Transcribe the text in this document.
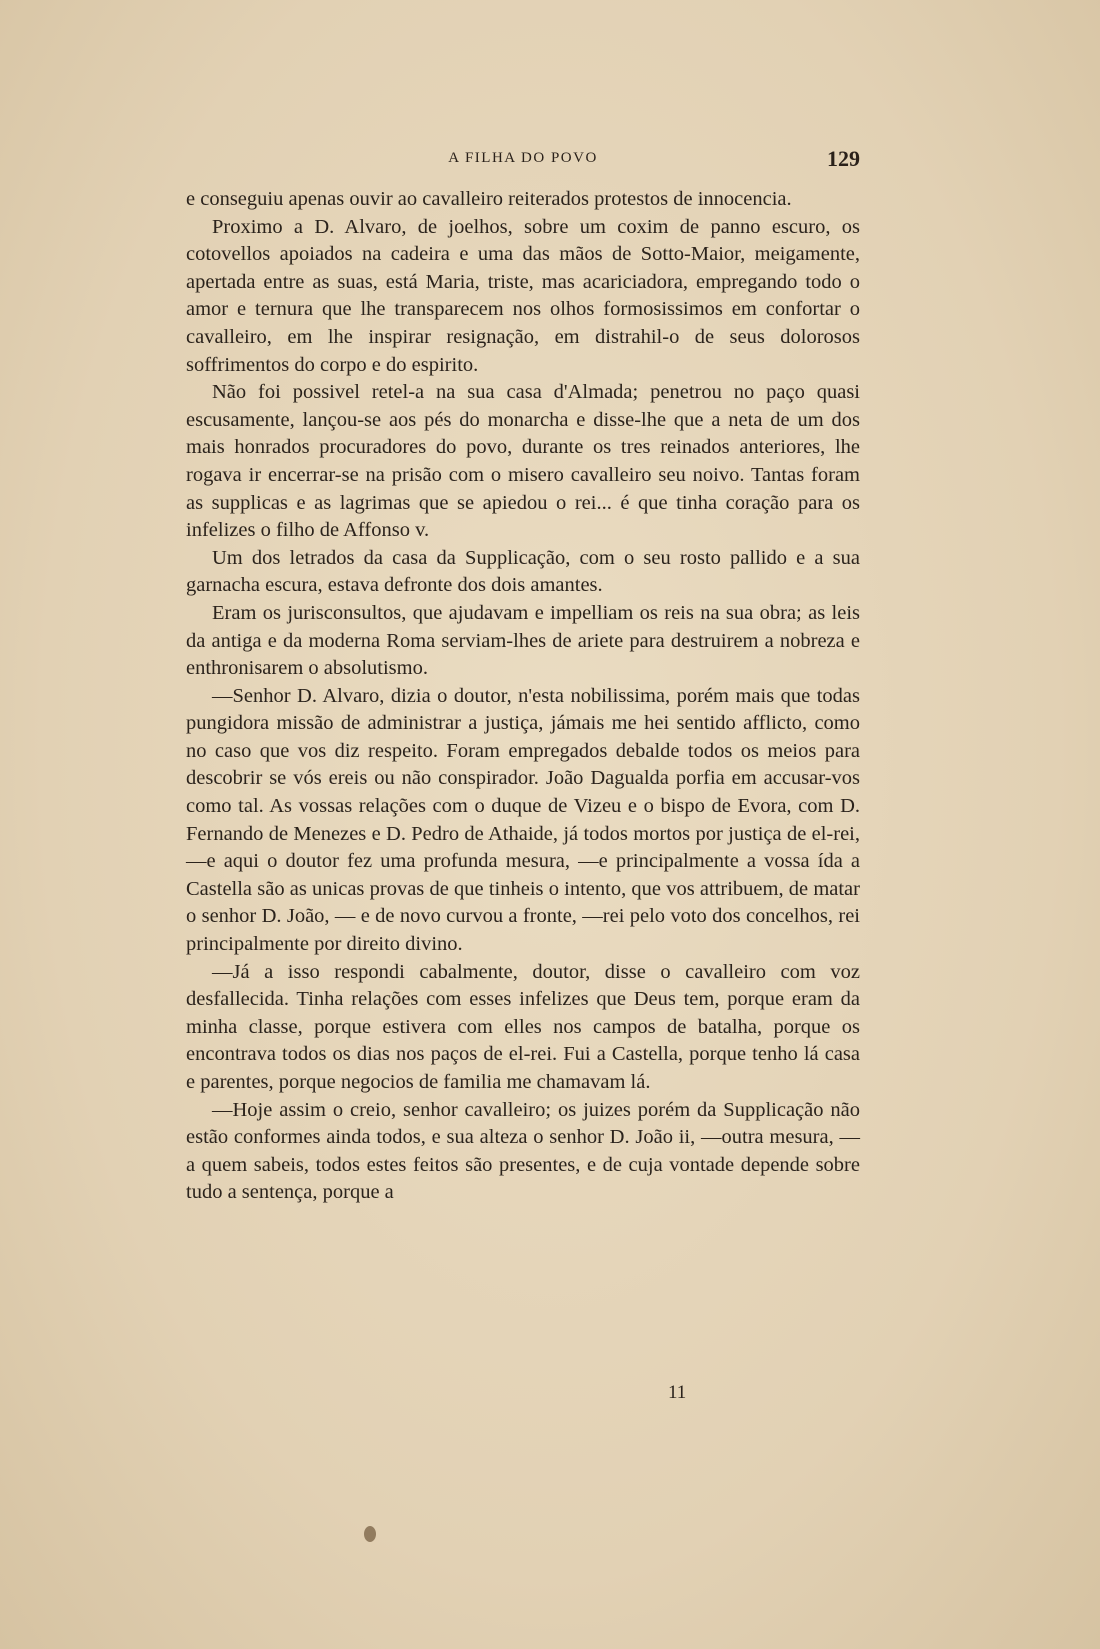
A FILHA DO POVO	129

e conseguiu apenas ouvir ao cavalleiro reiterados protestos de innocencia.

Proximo a D. Alvaro, de joelhos, sobre um coxim de panno escuro, os cotovellos apoiados na cadeira e uma das mãos de Sotto-Maior, meigamente, apertada entre as suas, está Maria, triste, mas acariciadora, empregando todo o amor e ternura que lhe transparecem nos olhos formosissimos em confortar o cavalleiro, em lhe inspirar resignação, em distrahil-o de seus dolorosos soffrimentos do corpo e do espirito.

Não foi possivel retel-a na sua casa d'Almada; penetrou no paço quasi escusamente, lançou-se aos pés do monarcha e disse-lhe que a neta de um dos mais honrados procuradores do povo, durante os tres reinados anteriores, lhe rogava ir encerrar-se na prisão com o misero cavalleiro seu noivo. Tantas foram as supplicas e as lagrimas que se apiedou o rei... é que tinha coração para os infelizes o filho de Affonso v.

Um dos letrados da casa da Supplicação, com o seu rosto pallido e a sua garnacha escura, estava defronte dos dois amantes.

Eram os jurisconsultos, que ajudavam e impelliam os reis na sua obra; as leis da antiga e da moderna Roma serviam-lhes de ariete para destruirem a nobreza e enthronisarem o absolutismo.

—Senhor D. Alvaro, dizia o doutor, n'esta nobilissima, porém mais que todas pungidora missão de administrar a justiça, jámais me hei sentido afflicto, como no caso que vos diz respeito. Foram empregados debalde todos os meios para descobrir se vós ereis ou não conspirador. João Dagualda porfia em accusar-vos como tal. As vossas relações com o duque de Vizeu e o bispo de Evora, com D. Fernando de Menezes e D. Pedro de Athaide, já todos mortos por justiça de el-rei, —e aqui o doutor fez uma profunda mesura, —e principalmente a vossa ída a Castella são as unicas provas de que tinheis o intento, que vos attribuem, de matar o senhor D. João, — e de novo curvou a fronte, —rei pelo voto dos concelhos, rei principalmente por direito divino.

—Já a isso respondi cabalmente, doutor, disse o cavalleiro com voz desfallecida. Tinha relações com esses infelizes que Deus tem, porque eram da minha classe, porque estivera com elles nos campos de batalha, porque os encontrava todos os dias nos paços de el-rei. Fui a Castella, porque tenho lá casa e parentes, porque negocios de familia me chamavam lá.

—Hoje assim o creio, senhor cavalleiro; os juizes porém da Supplicação não estão conformes ainda todos, e sua alteza o senhor D. João ii, —outra mesura, —a quem sabeis, todos estes feitos são presentes, e de cuja vontade depende sobre tudo a sentença, porque a

11
